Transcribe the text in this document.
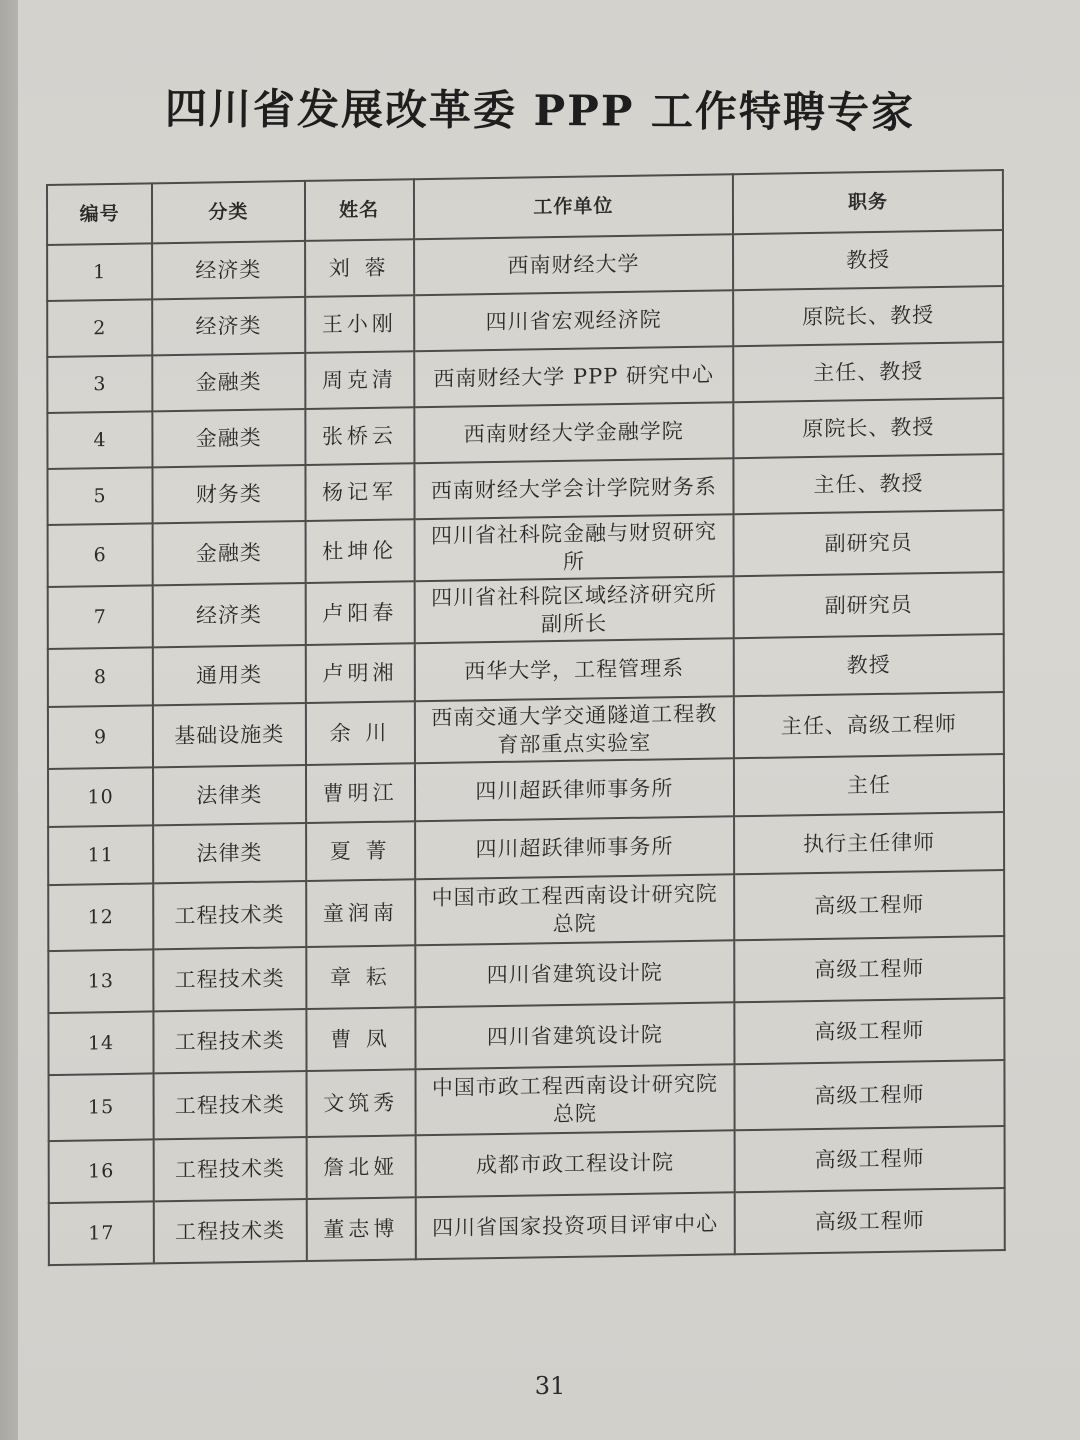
四川省发展改革委 PPP 工作特聘专家
编号	分类	姓名	工作单位	职务
1	经济类	刘 蓉	西南财经大学	教授
2	经济类	王小刚	四川省宏观经济院	原院长、教授
3	金融类	周克清	西南财经大学 PPP 研究中心	主任、教授
4	金融类	张桥云	西南财经大学金融学院	原院长、教授
5	财务类	杨记军	西南财经大学会计学院财务系	主任、教授
6	金融类	杜坤伦	四川省社科院金融与财贸研究所	副研究员
7	经济类	卢阳春	四川省社科院区域经济研究所副所长	副研究员
8	通用类	卢明湘	西华大学，工程管理系	教授
9	基础设施类	余 川	西南交通大学交通隧道工程教育部重点实验室	主任、高级工程师
10	法律类	曹明江	四川超跃律师事务所	主任
11	法律类	夏 菁	四川超跃律师事务所	执行主任律师
12	工程技术类	童润南	中国市政工程西南设计研究院总院	高级工程师
13	工程技术类	章 耘	四川省建筑设计院	高级工程师
14	工程技术类	曹 凤	四川省建筑设计院	高级工程师
15	工程技术类	文筑秀	中国市政工程西南设计研究院总院	高级工程师
16	工程技术类	詹北娅	成都市政工程设计院	高级工程师
17	工程技术类	董志博	四川省国家投资项目评审中心	高级工程师
31
